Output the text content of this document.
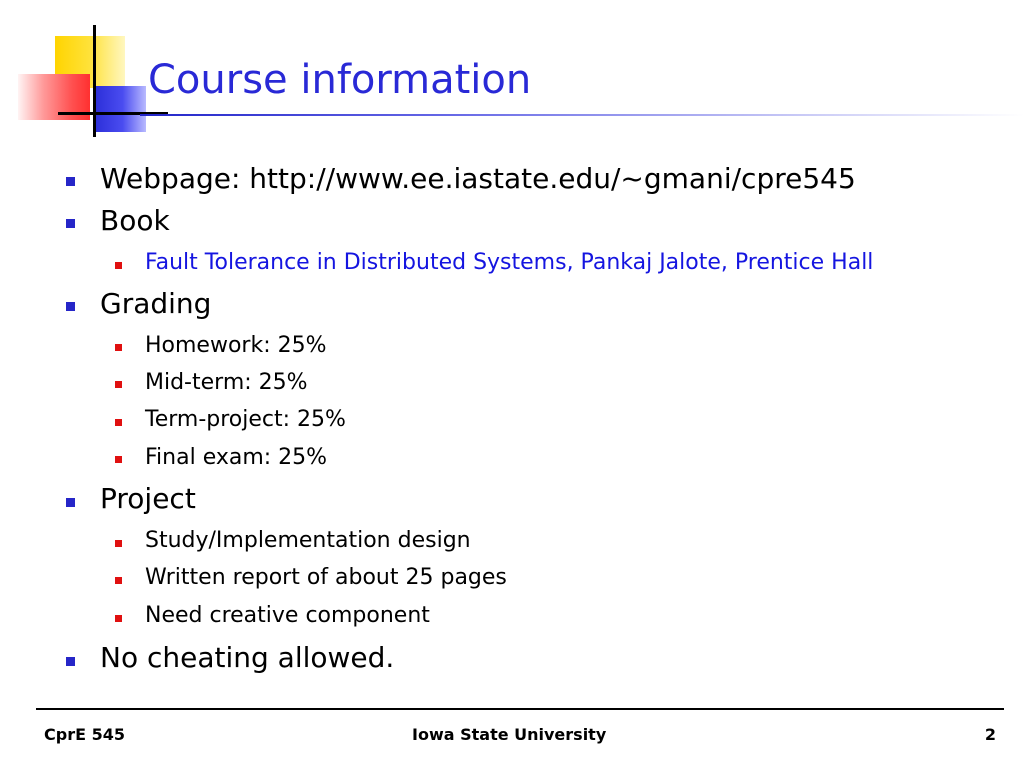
Course information
Webpage: http://www.ee.iastate.edu/~gmani/cpre545
Book
Fault Tolerance in Distributed Systems, Pankaj Jalote, Prentice Hall
Grading
Homework: 25%
Mid-term: 25%
Term-project: 25%
Final exam: 25%
Project
Study/Implementation design
Written report of about 25 pages
Need creative component
No cheating allowed.
CprE 545	Iowa State University	2
